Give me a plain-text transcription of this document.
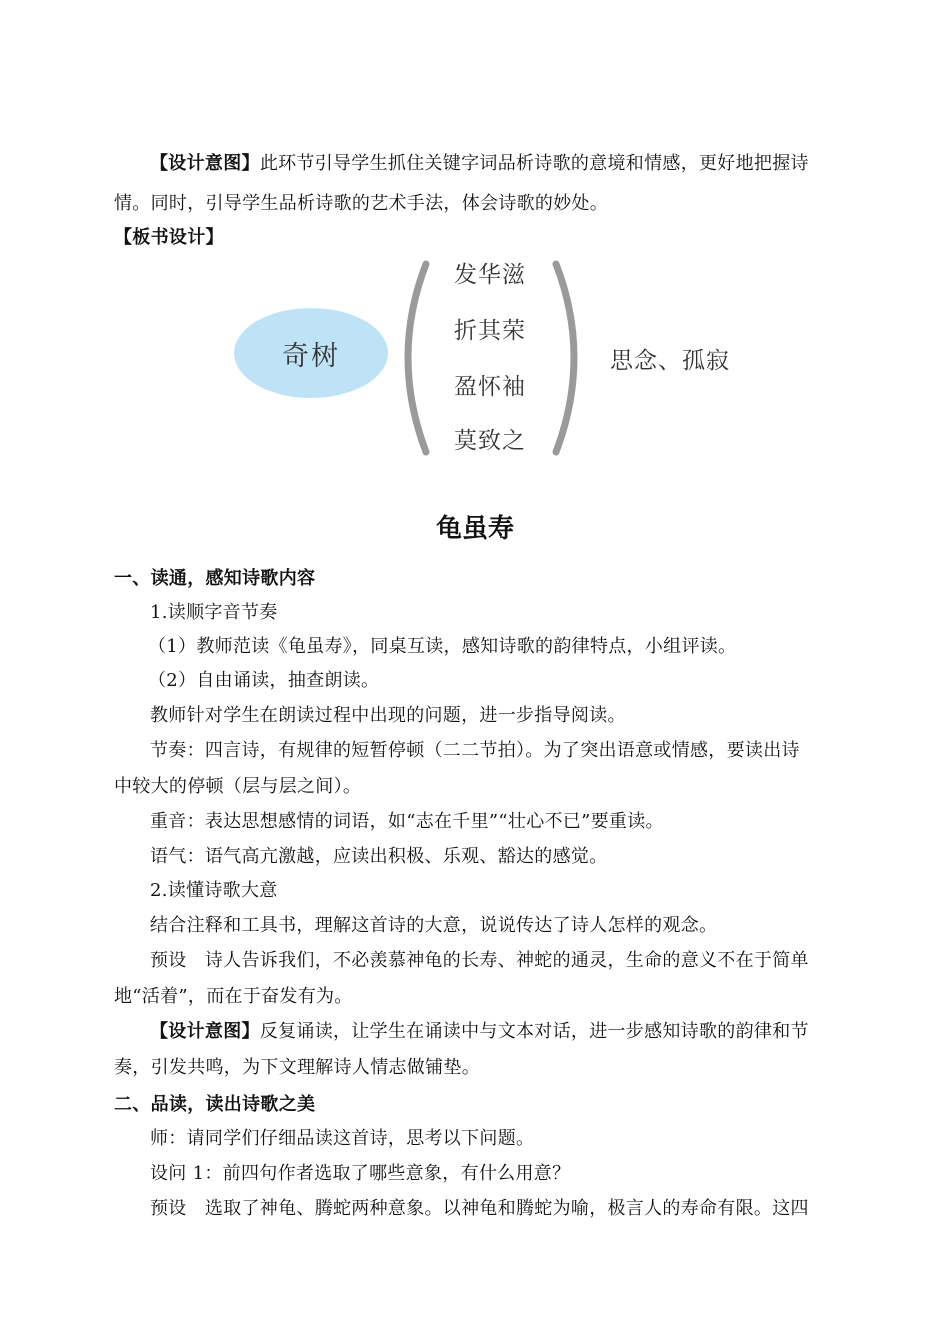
【设计意图】此环节引导学生抓住关键字词品析诗歌的意境和情感，更好地把握诗
情。同时，引导学生品析诗歌的艺术手法，体会诗歌的妙处。
【板书设计】
奇树
发华滋
折其荣
盈怀袖
莫致之
思念、孤寂
龟虽寿
一、读通，感知诗歌内容
1.读顺字音节奏
（1）教师范读《龟虽寿》，同桌互读，感知诗歌的韵律特点，小组评读。
（2）自由诵读，抽查朗读。
教师针对学生在朗读过程中出现的问题，进一步指导阅读。
节奏：四言诗，有规律的短暂停顿（二二节拍）。为了突出语意或情感，要读出诗
中较大的停顿（层与层之间）。
重音：表达思想感情的词语，如“志在千里”“壮心不已”要重读。
语气：语气高亢激越，应读出积极、乐观、豁达的感觉。
2.读懂诗歌大意
结合注释和工具书，理解这首诗的大意，说说传达了诗人怎样的观念。
预设　诗人告诉我们，不必羡慕神龟的长寿、神蛇的通灵，生命的意义不在于简单
地“活着”，而在于奋发有为。
【设计意图】反复诵读，让学生在诵读中与文本对话，进一步感知诗歌的韵律和节
奏，引发共鸣，为下文理解诗人情志做铺垫。
二、品读，读出诗歌之美
师：请同学们仔细品读这首诗，思考以下问题。
设问 1：前四句作者选取了哪些意象，有什么用意？
预设　选取了神龟、腾蛇两种意象。以神龟和腾蛇为喻，极言人的寿命有限。这四
